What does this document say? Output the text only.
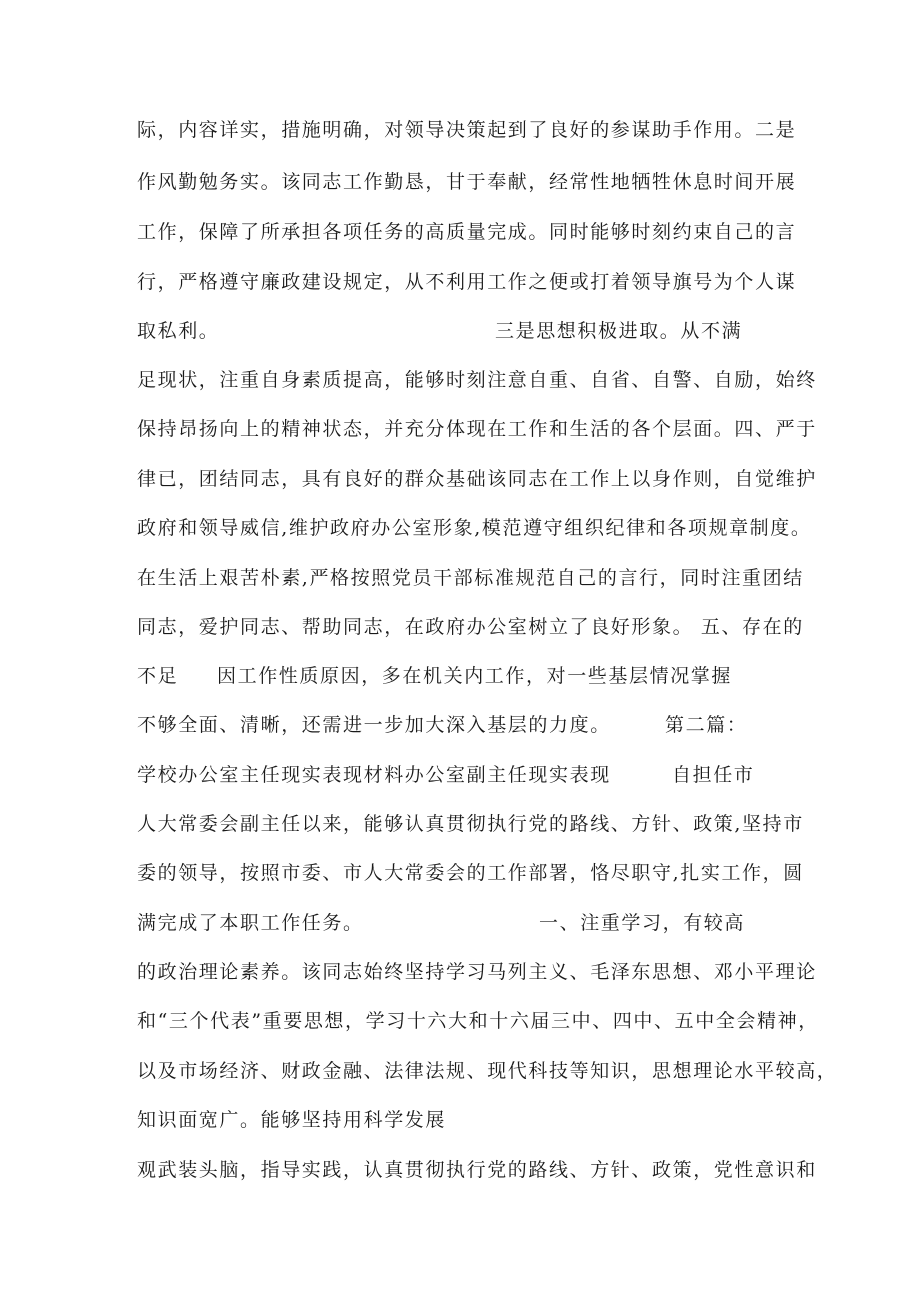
际，内容详实，措施明确，对领导决策起到了良好的参谋助手作用。二是
作风勤勉务实。该同志工作勤恳，甘于奉献，经常性地牺牲休息时间开展
工作，保障了所承担各项任务的高质量完成。同时能够时刻约束自己的言
行，严格遵守廉政建设规定，从不利用工作之便或打着领导旗号为个人谋
取私利。	三是思想积极进取。从不满
足现状，注重自身素质提高，能够时刻注意自重、自省、自警、自励，始终
保持昂扬向上的精神状态，并充分体现在工作和生活的各个层面。四、严于
律已，团结同志，具有良好的群众基础该同志在工作上以身作则，自觉维护
政府和领导威信,维护政府办公室形象,模范遵守组织纪律和各项规章制度。
在生活上艰苦朴素,严格按照党员干部标准规范自己的言行，同时注重团结
同志，爱护同志、帮助同志，在政府办公室树立了良好形象。 五、存在的
不足 因工作性质原因，多在机关内工作，对一些基层情况掌握
不够全面、清晰，还需进一步加大深入基层的力度。	第二篇：
学校办公室主任现实表现材料办公室副主任现实表现	自担任市
人大常委会副主任以来，能够认真贯彻执行党的路线、方针、政策,坚持市
委的领导，按照市委、市人大常委会的工作部署，恪尽职守,扎实工作，圆
满完成了本职工作任务。	一、注重学习，有较高
的政治理论素养。该同志始终坚持学习马列主义、毛泽东思想、邓小平理论
和“三个代表”重要思想，学习十六大和十六届三中、四中、五中全会精神，
以及市场经济、财政金融、法律法规、现代科技等知识，思想理论水平较高，
知识面宽广。能够坚持用科学发展
观武装头脑，指导实践，认真贯彻执行党的路线、方针、政策，党性意识和
